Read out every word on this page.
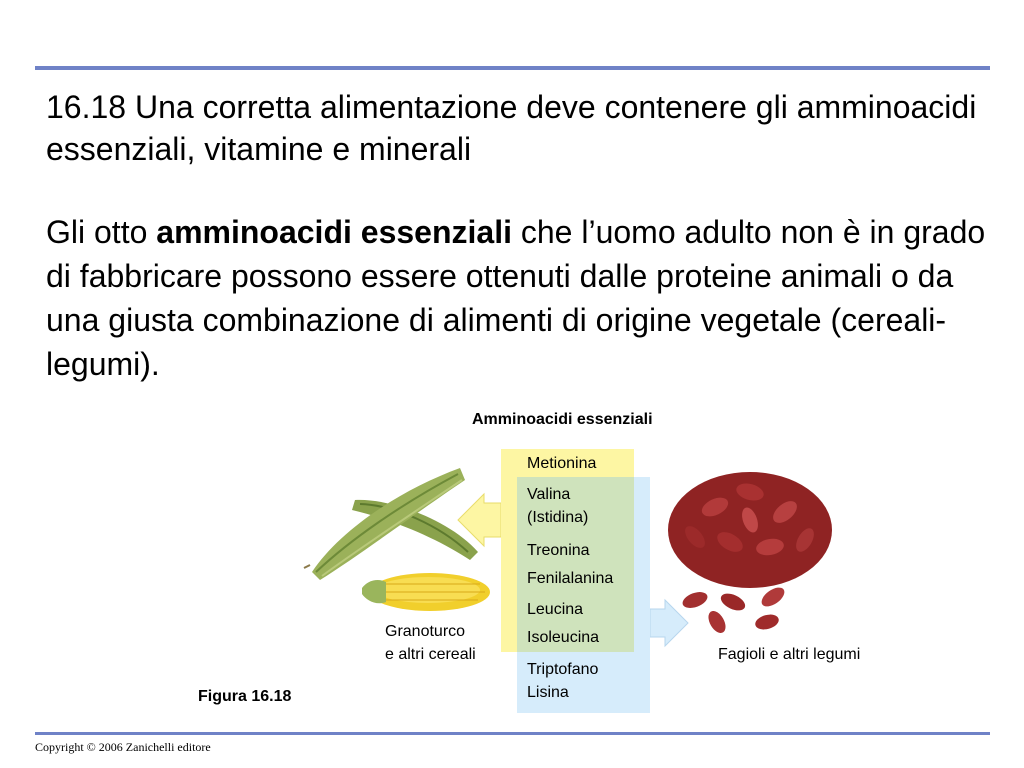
16.18 Una corretta alimentazione deve contenere gli amminoacidi essenziali, vitamine e minerali

Gli otto amminoacidi essenziali che l’uomo adulto non è in grado di fabbricare possono essere ottenuti dalle proteine animali o da una giusta combinazione di alimenti di origine vegetale (cereali-legumi).

Amminoacidi essenziali
Metionina
Valina
(Istidina)
Treonina
Fenilalanina
Leucina
Isoleucina
Triptofano
Lisina
Granoturco
e altri cereali	Fagioli e altri legumi
Figura 16.18
Copyright © 2006 Zanichelli editore
